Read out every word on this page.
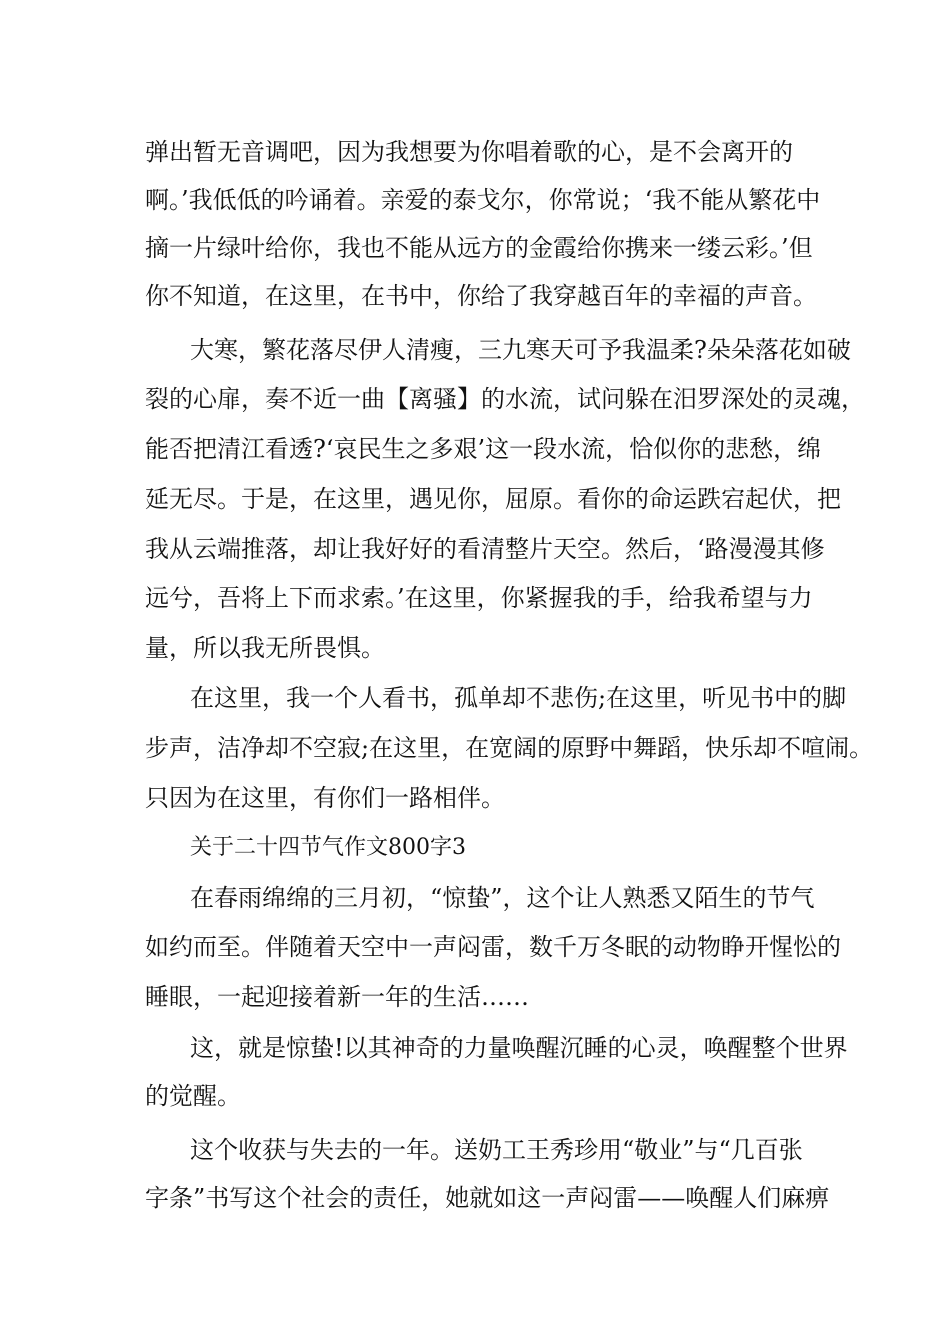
弹出暂无音调吧，因为我想要为你唱着歌的心，是不会离开的
啊。’我低低的吟诵着。亲爱的泰戈尔，你常说；‘我不能从繁花中
摘一片绿叶给你，我也不能从远方的金霞给你携来一缕云彩。’但
你不知道，在这里，在书中，你给了我穿越百年的幸福的声音。
大寒，繁花落尽伊人清瘦，三九寒天可予我温柔?朵朵落花如破
裂的心扉，奏不近一曲【离骚】的水流，试问躲在汨罗深处的灵魂，
能否把清江看透?‘哀民生之多艰’这一段水流，恰似你的悲愁，绵
延无尽。于是，在这里，遇见你，屈原。看你的命运跌宕起伏，把
我从云端推落，却让我好好的看清整片天空。然后，‘路漫漫其修
远兮，吾将上下而求索。’在这里，你紧握我的手，给我希望与力
量，所以我无所畏惧。
在这里，我一个人看书，孤单却不悲伤;在这里，听见书中的脚
步声，洁净却不空寂;在这里，在宽阔的原野中舞蹈，快乐却不喧闹。
只因为在这里，有你们一路相伴。
关于二十四节气作文800字3
在春雨绵绵的三月初，“惊蛰”，这个让人熟悉又陌生的节气
如约而至。伴随着天空中一声闷雷，数千万冬眠的动物睁开惺忪的
睡眼，一起迎接着新一年的生活……
这，就是惊蛰!以其神奇的力量唤醒沉睡的心灵，唤醒整个世界
的觉醒。
这个收获与失去的一年。送奶工王秀珍用“敬业”与“几百张
字条”书写这个社会的责任，她就如这一声闷雷——唤醒人们麻痹
